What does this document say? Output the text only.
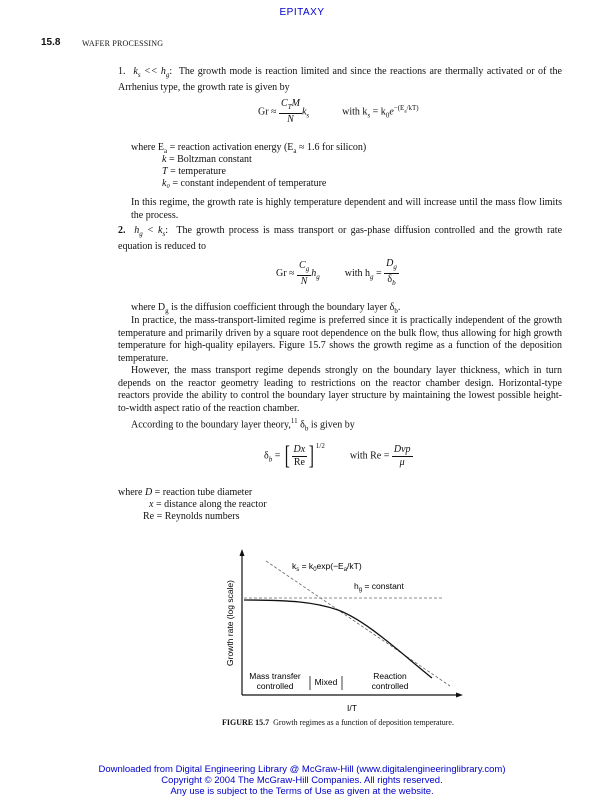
EPITAXY
15.8	WAFER PROCESSING
1. $k_s << h_g$:  The growth mode is reaction limited and since the reactions are thermally activated or of the Arrhenius type, the growth rate is given by
$Gr \approx \frac{C_TM}{N} k_s$	with $k_s = k_0e^{-(E_a/kT)}$
where $E_a$ = reaction activation energy ($E_a \approx 1.6$ for silicon)
k = Boltzman constant
T = temperature
k₀ = constant independent of temperature
In this regime, the growth rate is highly temperature dependent and will increase until the mass flow limits the process.
2. $h_g < k_s$:  The growth process is mass transport or gas-phase diffusion controlled and the growth rate equation is reduced to
$Gr \approx \frac{C_g}{N} h_g$	with $h_g = \frac{D_g}{\delta_b}$
where $D_g$ is the diffusion coefficient through the boundary layer $\delta_b$.
In practice, the mass-transport-limited regime is preferred since it is practically independent of the growth temperature and primarily driven by a square root dependence on the bulk flow, thus allowing for high growth temperature for high-quality epilayers. Figure 15.7 shows the growth regime as a function of the deposition temperature.
However, the mass transport regime depends strongly on the boundary layer thickness, which in turn depends on the reactor geometry leading to restrictions on the reactor chamber design. Horizontal-type reactors provide the ability to control the boundary layer structure by maintaining the lowest possible height-to-width aspect ratio of the reaction chamber.
According to the boundary layer theory,$^{11}$ $\delta_b$ is given by
$\delta_b$ = [ $\frac{Dx}{Re}$ ] $^{1/2}$  with $Re = \frac{\text{Dvp}}{\mu}$
where D = reaction tube diameter
x = distance along the reactor
Re = Reynolds numbers
$k_s = k_0\exp(-E_a/kT)$
$h_g$ = constant
Mass transfer
controlled Mixed
Reaction
controlled
I/T
Growth rate (log scale)
FIGURE 15.7 Growth regimes as a function of deposition temperature.
Downloaded from Digital Engineering Library @ McGraw-Hill (www.digitalengineeringlibrary.com)
Copyright © 2004 The McGraw-Hill Companies. All rights reserved.
Any use is subject to the Terms of Use as given at the website.
